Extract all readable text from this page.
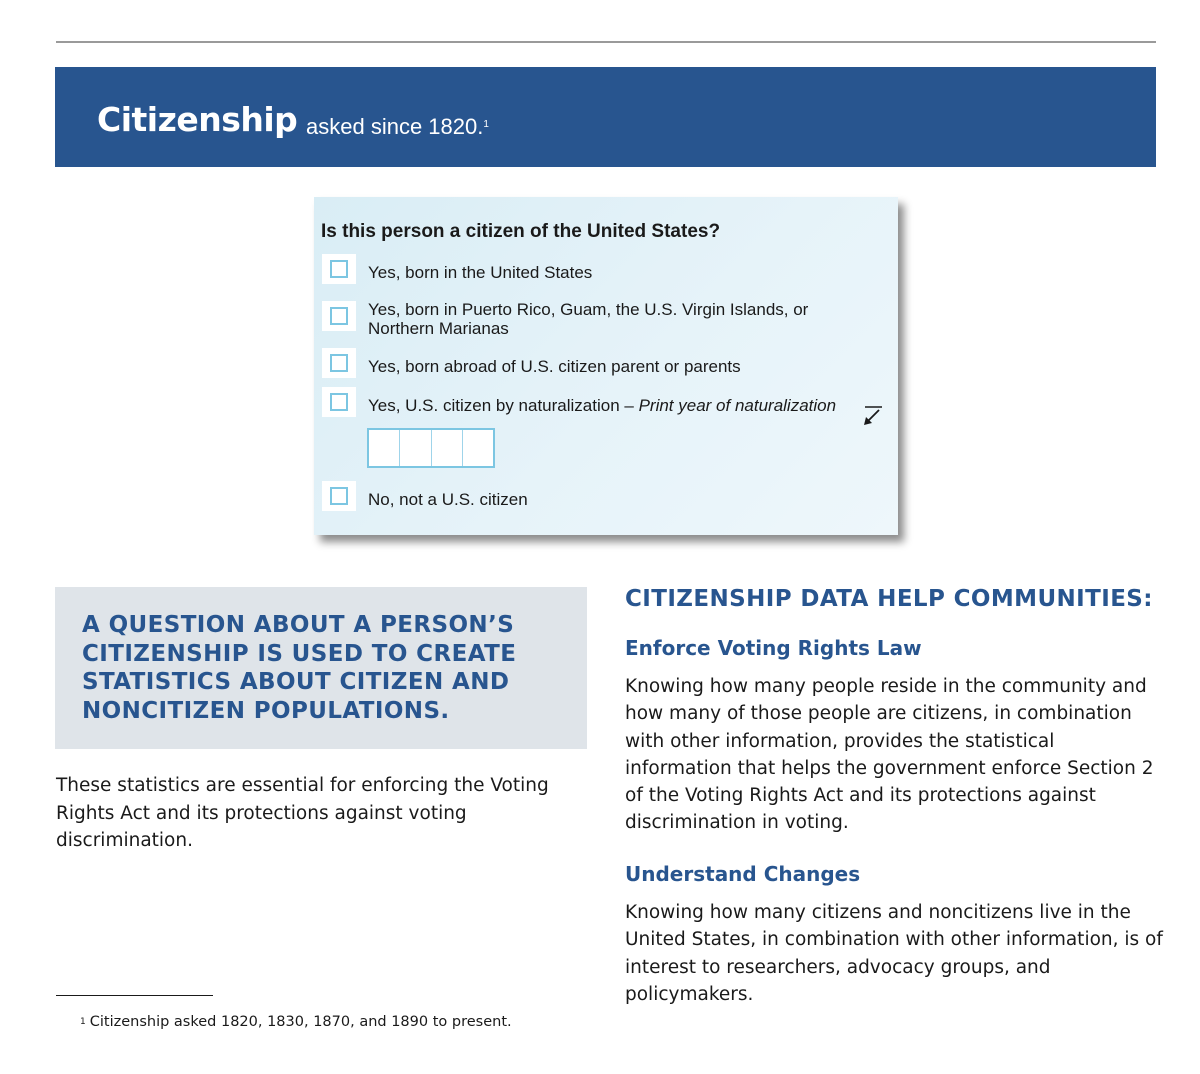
Citizenship asked since 1820.$^1$
Is this person a citizen of the United States?
Yes, born in the United States
Yes, born in Puerto Rico, Guam, the U.S. Virgin Islands, or Northern Marianas
Yes, born abroad of U.S. citizen parent or parents
Yes, U.S. citizen by naturalization – Print year of naturalization
No, not a U.S. citizen
A QUESTION ABOUT A PERSON’S CITIZENSHIP IS USED TO CREATE STATISTICS ABOUT CITIZEN AND NONCITIZEN POPULATIONS.
These statistics are essential for enforcing the Voting Rights Act and its protections against voting discrimination.
CITIZENSHIP DATA HELP COMMUNITIES:
Enforce Voting Rights Law
Knowing how many people reside in the community and how many of those people are citizens, in combination with other information, provides the statistical information that helps the government enforce Section 2 of the Voting Rights Act and its protections against discrimination in voting.
Understand Changes
Knowing how many citizens and noncitizens live in the United States, in combination with other information, is of interest to researchers, advocacy groups, and policymakers.
$^1$ Citizenship asked 1820, 1830, 1870, and 1890 to present.
